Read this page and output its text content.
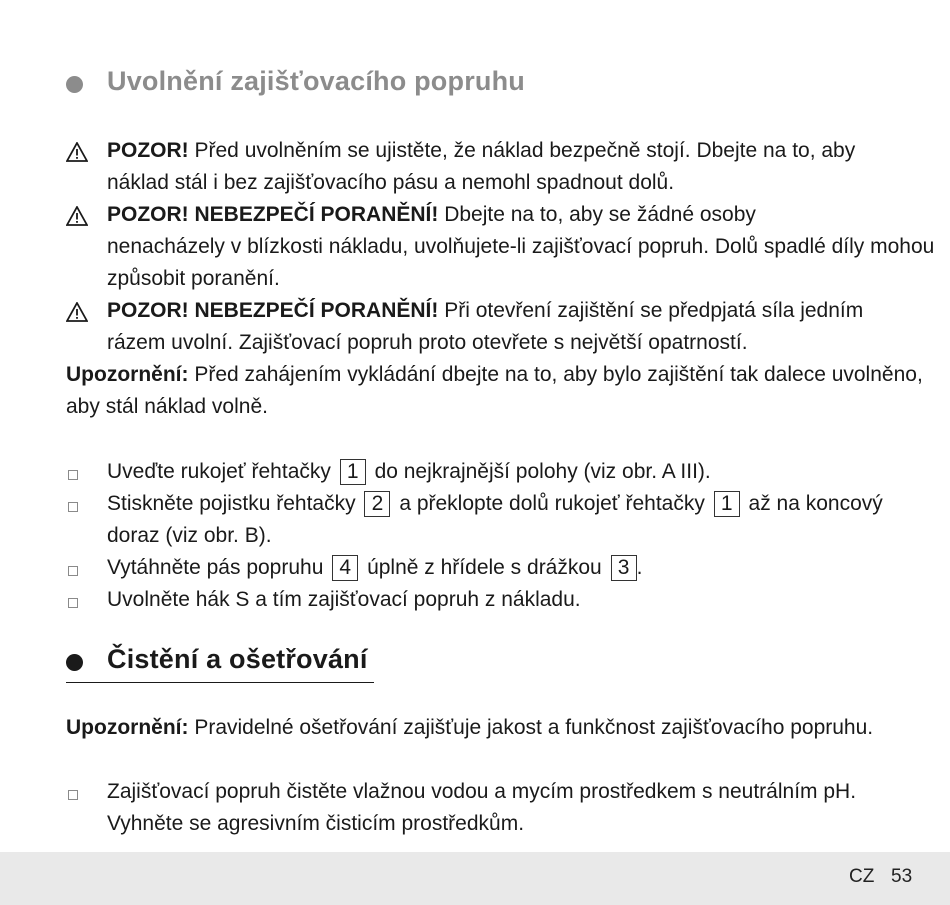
Uvolnění zajišťovacího popruhu
POZOR! Před uvolněním se ujistěte, že náklad bezpečně stojí. Dbejte na to, aby
náklad stál i bez zajišťovacího pásu a nemohl spadnout dolů.
POZOR! NEBEZPEČÍ PORANĚNÍ! Dbejte na to, aby se žádné osoby
nenacházely v blízkosti nákladu, uvolňujete-li zajišťovací popruh. Dolů spadlé díly mohou
způsobit poranění.
POZOR! NEBEZPEČÍ PORANĚNÍ! Při otevření zajištění se předpjatá síla jedním
rázem uvolní. Zajišťovací popruh proto otevřete s největší opatrností.
Upozornění: Před zahájením vykládání dbejte na to, aby bylo zajištění tak dalece uvolněno,
aby stál náklad volně.
Uveďte rukojeť řehtačky 1 do nejkrajnější polohy (viz obr. A III).
Stiskněte pojistku řehtačky 2 a překlopte dolů rukojeť řehtačky 1 až na koncový
doraz (viz obr. B).
Vytáhněte pás popruhu 4 úplně z hřídele s drážkou 3 .
Uvolněte hák S a tím zajišťovací popruh z nákladu.
Čistění a ošetřování
Upozornění: Pravidelné ošetřování zajišťuje jakost a funkčnost zajišťovacího popruhu.
Zajišťovací popruh čistěte vlažnou vodou a mycím prostředkem s neutrálním pH.
Vyhněte se agresivním čisticím prostředkům.
CZ 53
